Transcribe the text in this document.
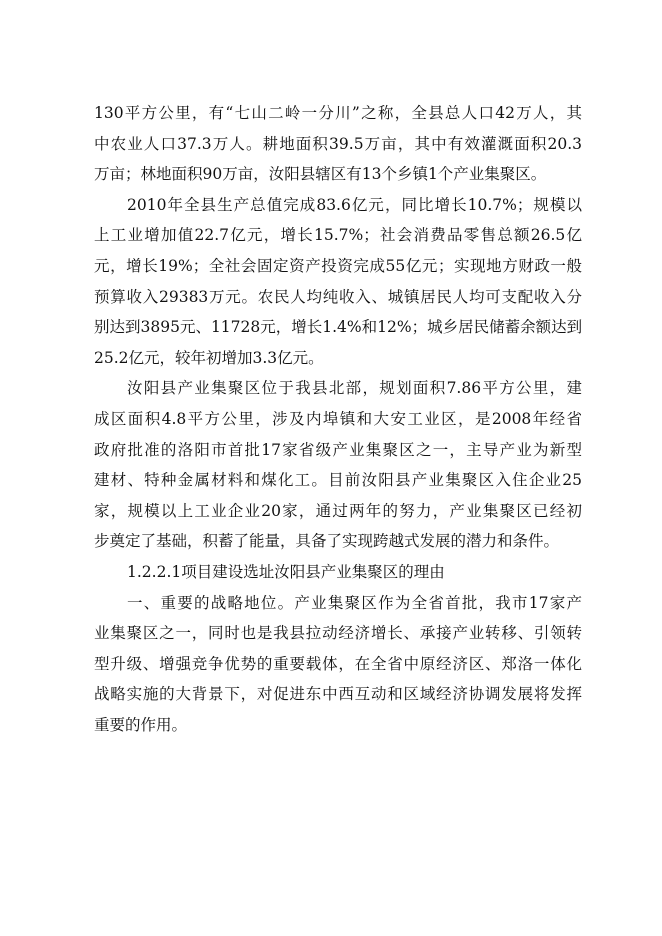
130平方公里，有“七山二岭一分川”之称，全县总人口42万人，其
中农业人口37.3万人。耕地面积39.5万亩，其中有效灌溉面积20.3
万亩；林地面积90万亩，汝阳县辖区有13个乡镇1个产业集聚区。
2010年全县生产总值完成83.6亿元，同比增长10.7%；规模以
上工业增加值22.7亿元，增长15.7%；社会消费品零售总额26.5亿
元，增长19%；全社会固定资产投资完成55亿元；实现地方财政一般
预算收入29383万元。农民人均纯收入、城镇居民人均可支配收入分
别达到3895元、11728元，增长1.4%和12%；城乡居民储蓄余额达到
25.2亿元，较年初增加3.3亿元。
汝阳县产业集聚区位于我县北部，规划面积7.86平方公里，建
成区面积4.8平方公里，涉及内埠镇和大安工业区，是2008年经省
政府批准的洛阳市首批17家省级产业集聚区之一，主导产业为新型
建材、特种金属材料和煤化工。目前汝阳县产业集聚区入住企业25
家，规模以上工业企业20家，通过两年的努力，产业集聚区已经初
步奠定了基础，积蓄了能量，具备了实现跨越式发展的潜力和条件。
1.2.2.1项目建设选址汝阳县产业集聚区的理由
一、重要的战略地位。产业集聚区作为全省首批，我市17家产
业集聚区之一，同时也是我县拉动经济增长、承接产业转移、引领转
型升级、增强竞争优势的重要载体，在全省中原经济区、郑洛一体化
战略实施的大背景下，对促进东中西互动和区域经济协调发展将发挥
重要的作用。
